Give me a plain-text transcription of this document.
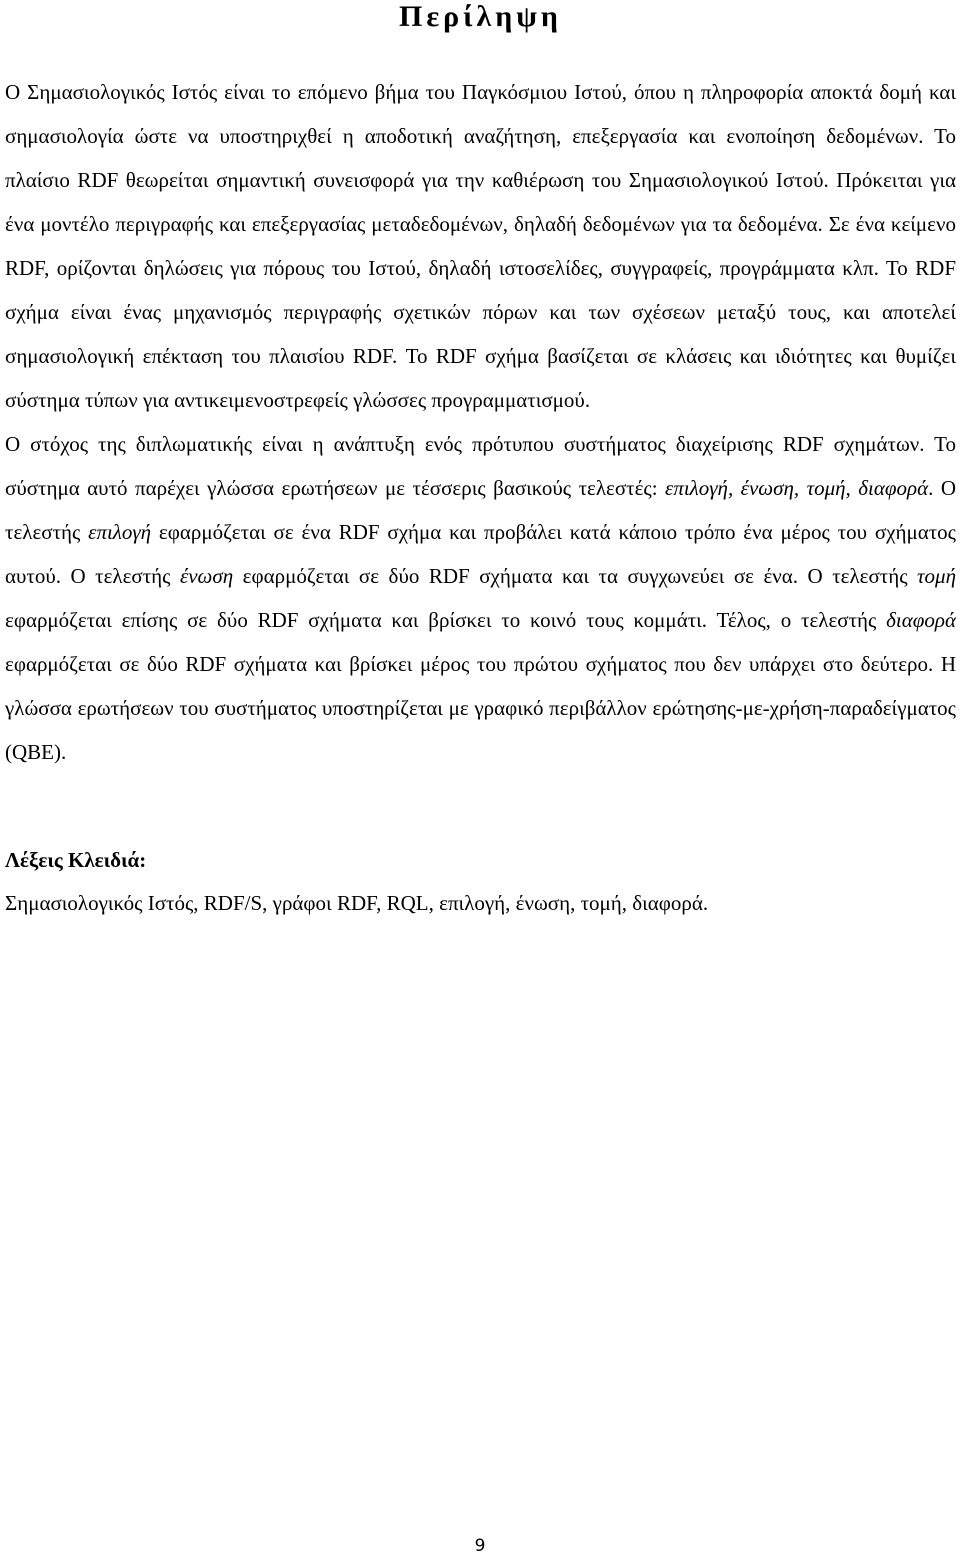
Περίληψη

Ο Σημασιολογικός Ιστός είναι το επόμενο βήμα του Παγκόσμιου Ιστού, όπου η πληροφορία αποκτά δομή και σημασιολογία ώστε να υποστηριχθεί η αποδοτική αναζήτηση, επεξεργασία και ενοποίηση δεδομένων. Το πλαίσιο RDF θεωρείται σημαντική συνεισφορά για την καθιέρωση του Σημασιολογικού Ιστού. Πρόκειται για ένα μοντέλο περιγραφής και επεξεργασίας μεταδεδομένων, δηλαδή δεδομένων για τα δεδομένα. Σε ένα κείμενο RDF, ορίζονται δηλώσεις για πόρους του Ιστού, δηλαδή ιστοσελίδες, συγγραφείς, προγράμματα κλπ. Το RDF σχήμα είναι ένας μηχανισμός περιγραφής σχετικών πόρων και των σχέσεων μεταξύ τους, και αποτελεί σημασιολογική επέκταση του πλαισίου RDF. Το RDF σχήμα βασίζεται σε κλάσεις και ιδιότητες και θυμίζει σύστημα τύπων για αντικειμενοστρεφείς γλώσσες προγραμματισμού.

Ο στόχος της διπλωματικής είναι η ανάπτυξη ενός πρότυπου συστήματος διαχείρισης RDF σχημάτων. Το σύστημα αυτό παρέχει γλώσσα ερωτήσεων με τέσσερις βασικούς τελεστές: επιλογή, ένωση, τομή, διαφορά. Ο τελεστής επιλογή εφαρμόζεται σε ένα RDF σχήμα και προβάλει κατά κάποιο τρόπο ένα μέρος του σχήματος αυτού. Ο τελεστής ένωση εφαρμόζεται σε δύο RDF σχήματα και τα συγχωνεύει σε ένα. Ο τελεστής τομή εφαρμόζεται επίσης σε δύο RDF σχήματα και βρίσκει το κοινό τους κομμάτι. Τέλος, ο τελεστής διαφορά εφαρμόζεται σε δύο RDF σχήματα και βρίσκει μέρος του πρώτου σχήματος που δεν υπάρχει στο δεύτερο. Η γλώσσα ερωτήσεων του συστήματος υποστηρίζεται με γραφικό περιβάλλον ερώτησης-με-χρήση-παραδείγματος (QBE).

Λέξεις Κλειδιά:

Σημασιολογικός Ιστός, RDF/S, γράφοι RDF, RQL, επιλογή, ένωση, τομή, διαφορά.

9
